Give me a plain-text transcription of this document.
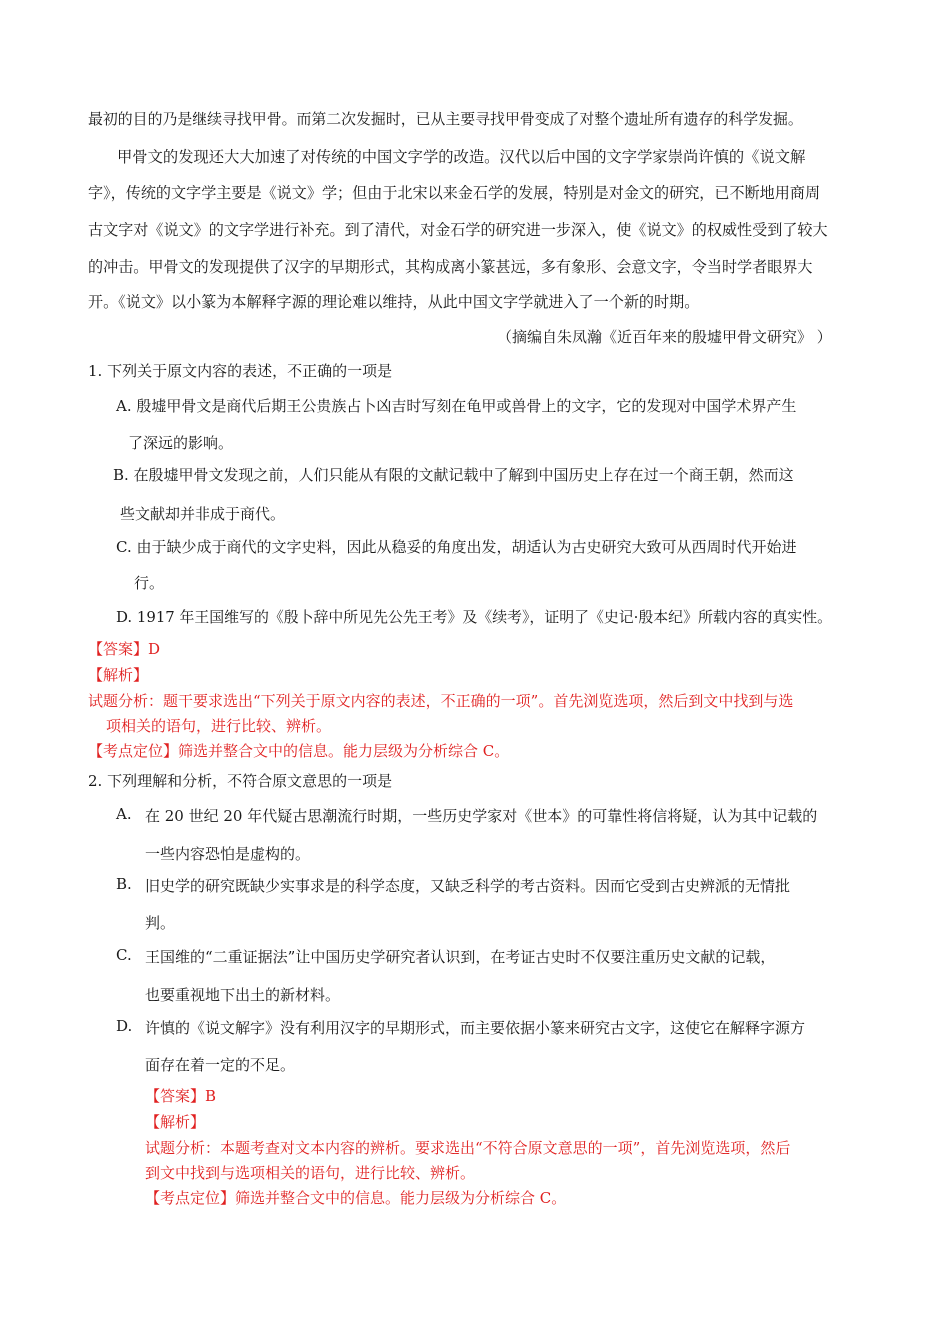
最初的目的乃是继续寻找甲骨。而第二次发掘时，已从主要寻找甲骨变成了对整个遗址所有遗存的科学发掘。
甲骨文的发现还大大加速了对传统的中国文字学的改造。汉代以后中国的文字学家崇尚许慎的《说文解
字》，传统的文字学主要是《说文》学；但由于北宋以来金石学的发展，特别是对金文的研究，已不断地用商周
古文字对《说文》的文字学进行补充。到了清代，对金石学的研究进一步深入，使《说文》的权威性受到了较大
的冲击。甲骨文的发现提供了汉字的早期形式，其构成离小篆甚远，多有象形、会意文字，令当时学者眼界大
开。《说文》以小篆为本解释字源的理论难以维持，从此中国文字学就进入了一个新的时期。
（摘编自朱凤瀚《近百年来的殷墟甲骨文研究》 ）
1. 下列关于原文内容的表述，不正确的一项是
A. 殷墟甲骨文是商代后期王公贵族占卜凶吉时写刻在龟甲或兽骨上的文字，它的发现对中国学术界产生
了深远的影响。
B. 在殷墟甲骨文发现之前，人们只能从有限的文献记载中了解到中国历史上存在过一个商王朝，然而这
些文献却并非成于商代。
C. 由于缺少成于商代的文字史料，因此从稳妥的角度出发，胡适认为古史研究大致可从西周时代开始进
行。
D. 1917 年王国维写的《殷卜辞中所见先公先王考》及《续考》，证明了《史记·殷本纪》所载内容的真实性。
【答案】D
【解析】
试题分析：题干要求选出“下列关于原文内容的表述，不正确的一项”。首先浏览选项，然后到文中找到与选
项相关的语句，进行比较、辨析。
【考点定位】筛选并整合文中的信息。能力层级为分析综合 C。
2. 下列理解和分析，不符合原文意思的一项是
A. 在 20 世纪 20 年代疑古思潮流行时期，一些历史学家对《世本》的可靠性将信将疑，认为其中记载的
一些内容恐怕是虚构的。
B. 旧史学的研究既缺少实事求是的科学态度，又缺乏科学的考古资料。因而它受到古史辨派的无情批
判。
C. 王国维的“二重证据法”让中国历史学研究者认识到，在考证古史时不仅要注重历史文献的记载，
也要重视地下出土的新材料。
D. 许慎的《说文解字》没有利用汉字的早期形式，而主要依据小篆来研究古文字，这使它在解释字源方
面存在着一定的不足。
【答案】B
【解析】
试题分析：本题考查对文本内容的辨析。要求选出“不符合原文意思的一项”，首先浏览选项，然后
到文中找到与选项相关的语句，进行比较、辨析。
【考点定位】筛选并整合文中的信息。能力层级为分析综合 C。
